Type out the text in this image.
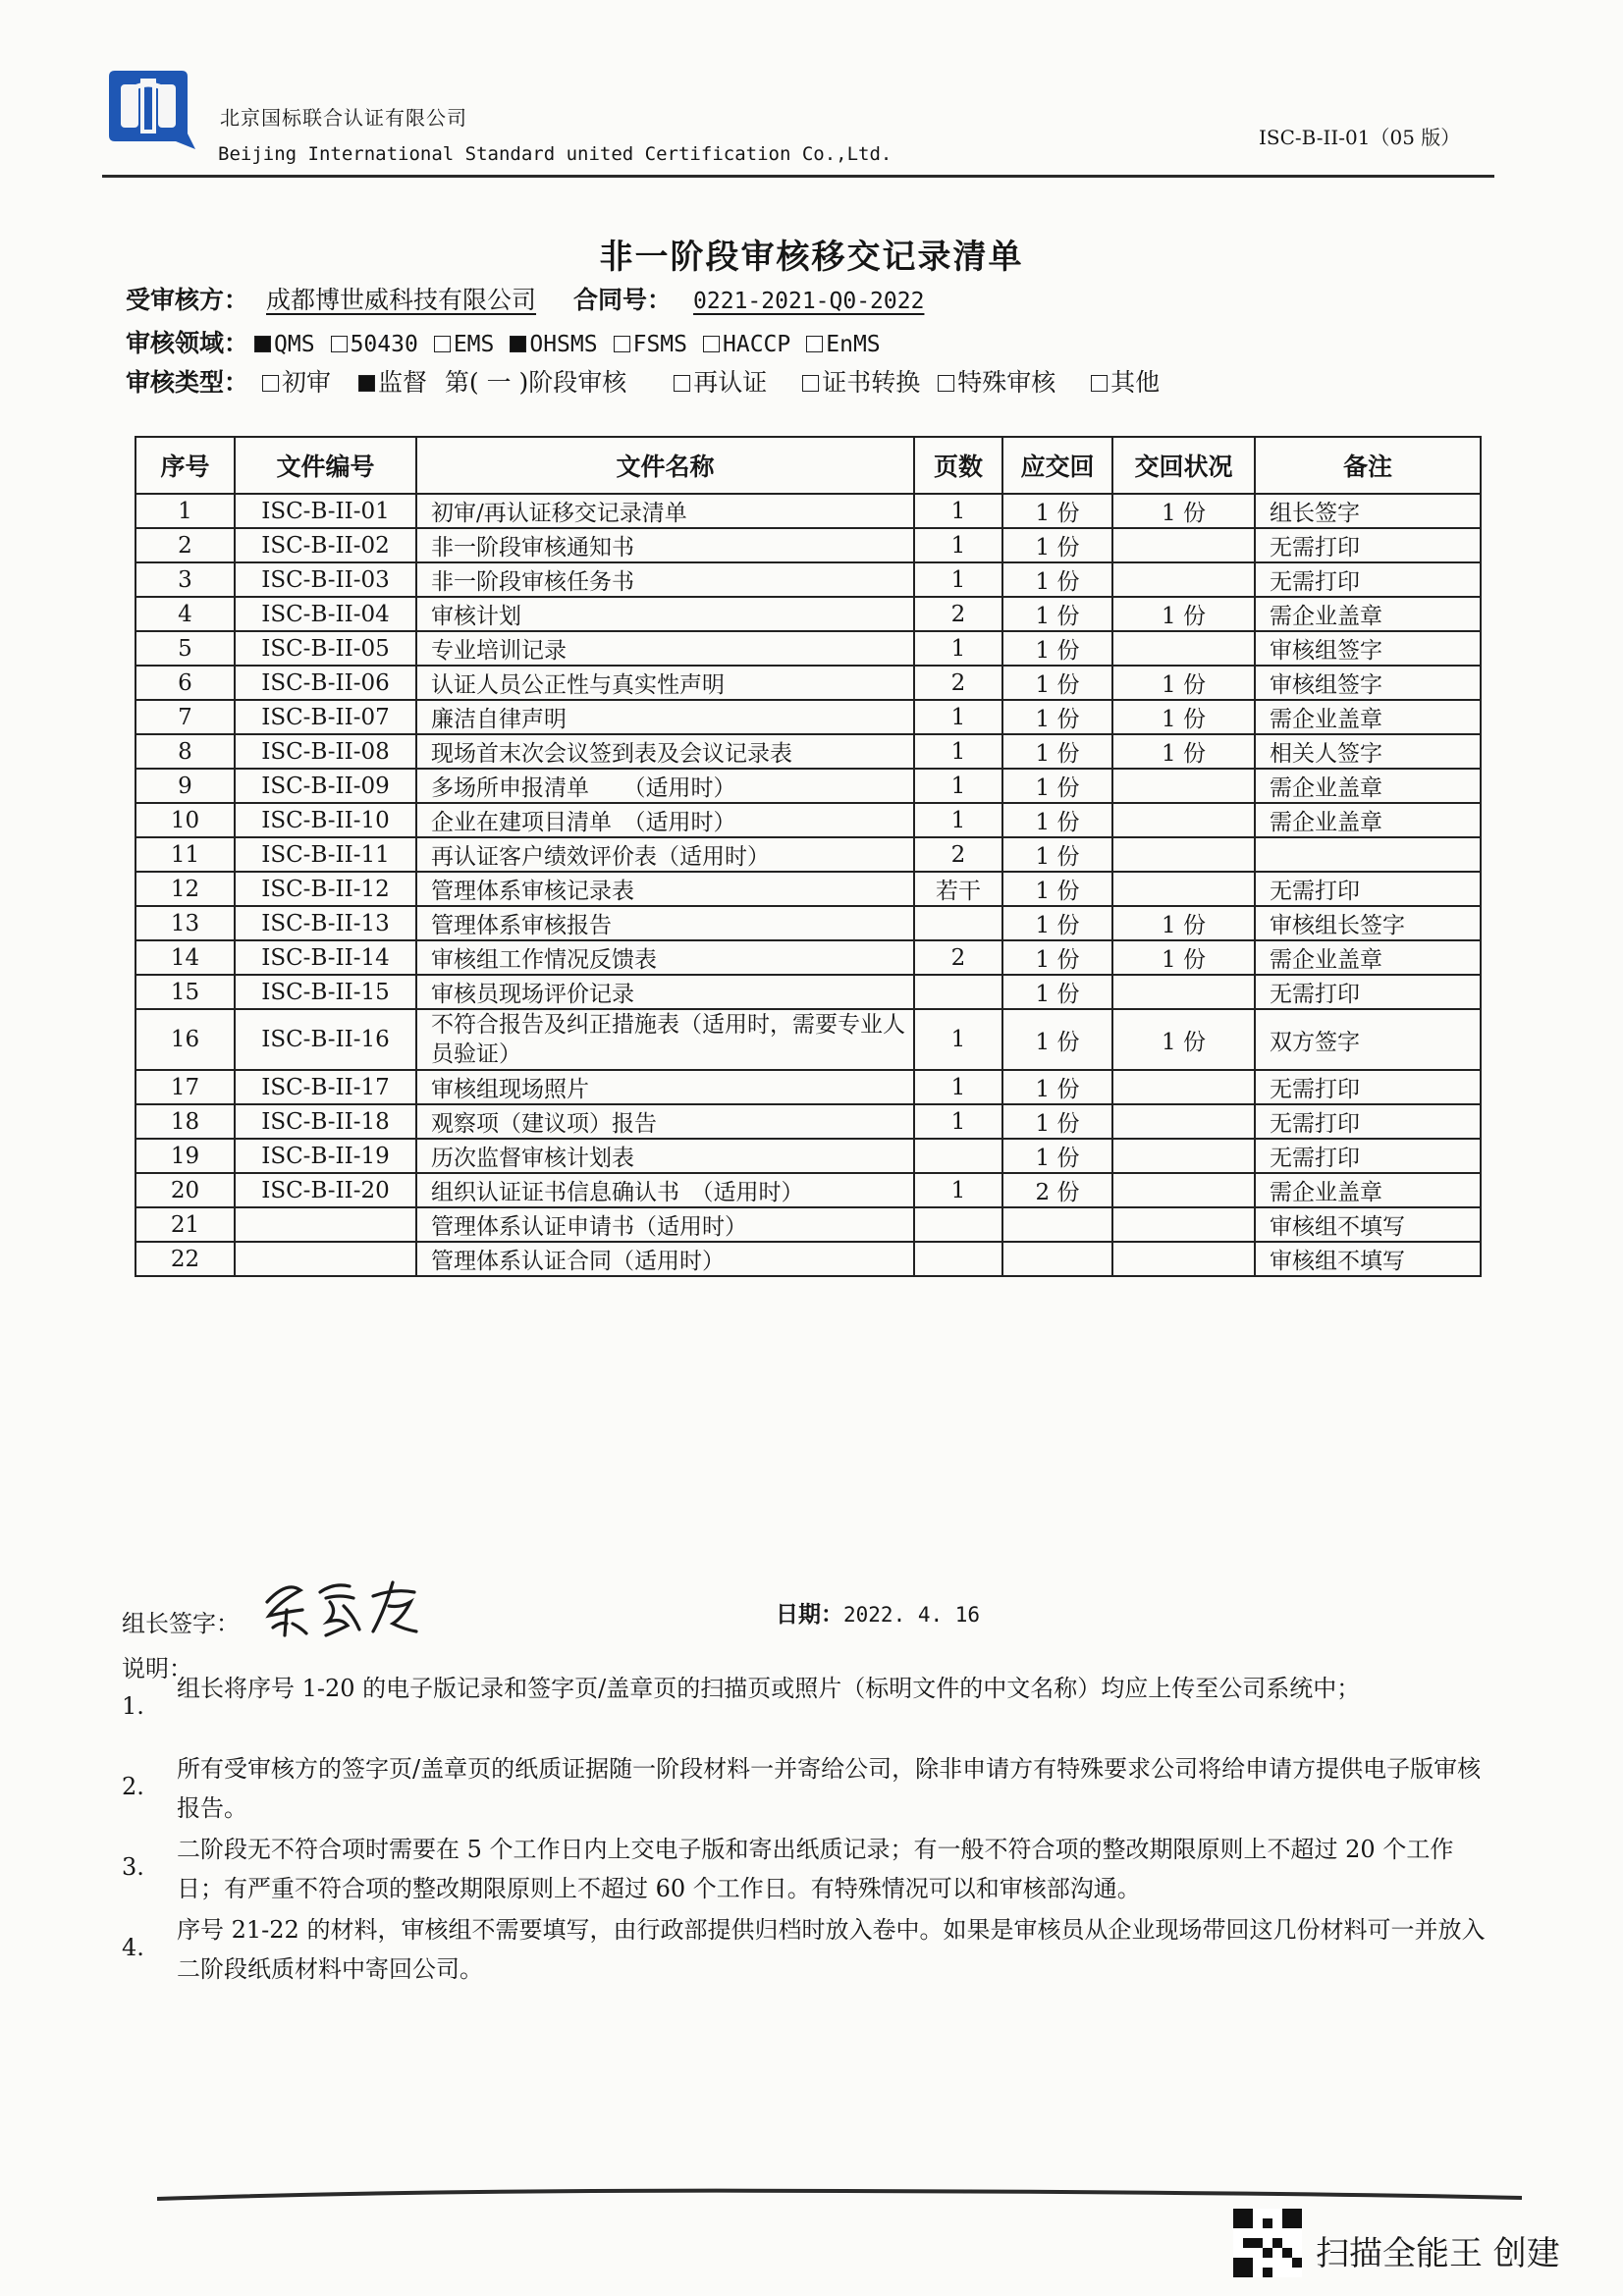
北京国标联合认证有限公司
Beijing International Standard united Certification Co.,Ltd.
ISC-B-II-01（05 版）
非一阶段审核移交记录清单
受审核方： 成都博世威科技有限公司 合同号： 0221-2021-Q0-2022
审核领域： QMS 50430 EMS OHSMS FSMS HACCP EnMS
审核类型： 初审 监督 第( 一 )阶段审核	再认证 证书转换 特殊审核 其他
序号	文件编号	文件名称	页数	应交回	交回状况	备注
1	ISC-B-II-01	初审/再认证移交记录清单	1	1 份	1 份	组长签字
2	ISC-B-II-02	非一阶段审核通知书	1	1 份		无需打印
3	ISC-B-II-03	非一阶段审核任务书	1	1 份		无需打印
4	ISC-B-II-04	审核计划	2	1 份	1 份	需企业盖章
5	ISC-B-II-05	专业培训记录	1	1 份		审核组签字
6	ISC-B-II-06	认证人员公正性与真实性声明	2	1 份	1 份	审核组签字
7	ISC-B-II-07	廉洁自律声明	1	1 份	1 份	需企业盖章
8	ISC-B-II-08	现场首末次会议签到表及会议记录表	1	1 份	1 份	相关人签字
9	ISC-B-II-09	多场所申报清单　　（适用时）	1	1 份		需企业盖章
10	ISC-B-II-10	企业在建项目清单　（适用时）	1	1 份		需企业盖章
11	ISC-B-II-11	再认证客户绩效评价表（适用时）	2	1 份		
12	ISC-B-II-12	管理体系审核记录表	若干	1 份		无需打印
13	ISC-B-II-13	管理体系审核报告		1 份	1 份	审核组长签字
14	ISC-B-II-14	审核组工作情况反馈表	2	1 份	1 份	需企业盖章
15	ISC-B-II-15	审核员现场评价记录		1 份		无需打印
16	ISC-B-II-16	不符合报告及纠正措施表（适用时，需要专业人员验证）	1	1 份	1 份	双方签字
17	ISC-B-II-17	审核组现场照片	1	1 份		无需打印
18	ISC-B-II-18	观察项（建议项）报告	1	1 份		无需打印
19	ISC-B-II-19	历次监督审核计划表		1 份		无需打印
20	ISC-B-II-20	组织认证证书信息确认书　（适用时）	1	2 份		需企业盖章
21		管理体系认证申请书（适用时）				审核组不填写
22		管理体系认证合同（适用时）				审核组不填写
组长签字：	日期：2022. 4. 16
说明：
1.
组长将序号 1-20 的电子版记录和签字页/盖章页的扫描页或照片（标明文件的中文名称）均应上传至公司系统中；
2.
所有受审核方的签字页/盖章页的纸质证据随一阶段材料一并寄给公司，除非申请方有特殊要求公司将给申请方提供电子版审核报告。
3.
二阶段无不符合项时需要在 5 个工作日内上交电子版和寄出纸质记录；有一般不符合项的整改期限原则上不超过 20 个工作日；有严重不符合项的整改期限原则上不超过 60 个工作日。有特殊情况可以和审核部沟通。
4.
序号 21-22 的材料，审核组不需要填写，由行政部提供归档时放入卷中。如果是审核员从企业现场带回这几份材料可一并放入二阶段纸质材料中寄回公司。
扫描全能王 创建
